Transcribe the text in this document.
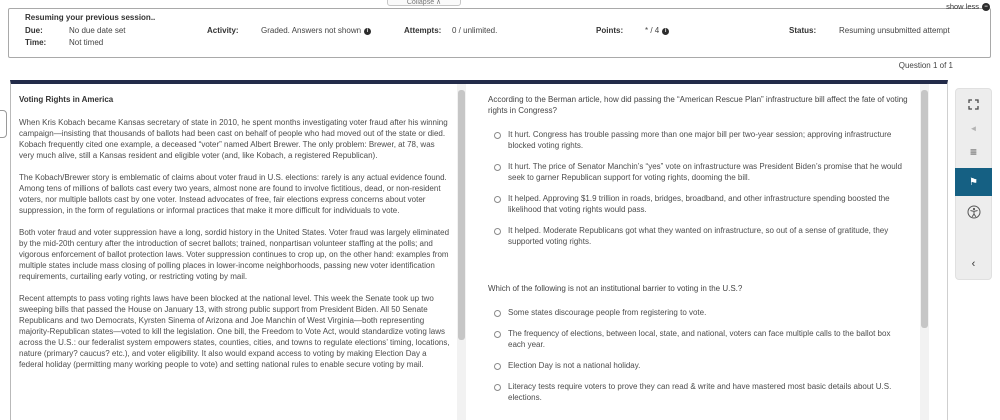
Collapse ∧	show less −
Resuming your previous session..
Due:	No due date set
Time:	Not timed
Activity:	Graded. Answers not shown i	Attempts: 0 / unlimited.	Points:	* / 4 i	Status:	Resuming unsubmitted attempt
Question 1 of 1
Voting Rights in America

When Kris Kobach became Kansas secretary of state in 2010, he spent months investigating voter fraud after his winning campaign—insisting that thousands of ballots had been cast on behalf of people who had moved out of the state or died. Kobach frequently cited one example, a deceased “voter” named Albert Brewer. The only problem: Brewer, at 78, was very much alive, still a Kansas resident and eligible voter (and, like Kobach, a registered Republican).

The Kobach/Brewer story is emblematic of claims about voter fraud in U.S. elections: rarely is any actual evidence found. Among tens of millions of ballots cast every two years, almost none are found to involve fictitious, dead, or non-resident voters, nor multiple ballots cast by one voter. Instead advocates of free, fair elections express concerns about voter suppression, in the form of regulations or informal practices that make it more difficult for individuals to vote.

Both voter fraud and voter suppression have a long, sordid history in the United States. Voter fraud was largely eliminated by the mid-20th century after the introduction of secret ballots; trained, nonpartisan volunteer staffing at the polls; and vigorous enforcement of ballot protection laws. Voter suppression continues to crop up, on the other hand: examples from multiple states include mass closing of polling places in lower-income neighborhoods, passing new voter identification requirements, curtailing early voting, or restricting voting by mail.

Recent attempts to pass voting rights laws have been blocked at the national level. This week the Senate took up two sweeping bills that passed the House on January 13, with strong public support from President Biden. All 50 Senate Republicans and two Democrats, Kyrsten Sinema of Arizona and Joe Manchin of West Virginia—both representing majority-Republican states—voted to kill the legislation. One bill, the Freedom to Vote Act, would standardize voting laws across the U.S.: our federalist system empowers states, counties, cities, and towns to regulate elections’ timing, locations, nature (primary? caucus? etc.), and voter eligibility. It also would expand access to voting by making Election Day a federal holiday (permitting many working people to vote) and setting national rules to enable secure voting by mail.

According to the Berman article, how did passing the “American Rescue Plan” infrastructure bill affect the fate of voting rights in Congress?
It hurt. Congress has trouble passing more than one major bill per two-year session; approving infrastructure blocked voting rights.
It hurt. The price of Senator Manchin’s “yes” vote on infrastructure was President Biden’s promise that he would seek to garner Republican support for voting rights, dooming the bill.
It helped. Approving $1.9 trillion in roads, bridges, broadband, and other infrastructure spending boosted the likelihood that voting rights would pass.
It helped. Moderate Republicans got what they wanted on infrastructure, so out of a sense of gratitude, they supported voting rights.
Which of the following is not an institutional barrier to voting in the U.S.?
Some states discourage people from registering to vote.
The frequency of elections, between local, state, and national, voters can face multiple calls to the ballot box each year.
Election Day is not a national holiday.
Literacy tests require voters to prove they can read & write and have mastered most basic details about U.S. elections.
◄
≡
⚑
‹
